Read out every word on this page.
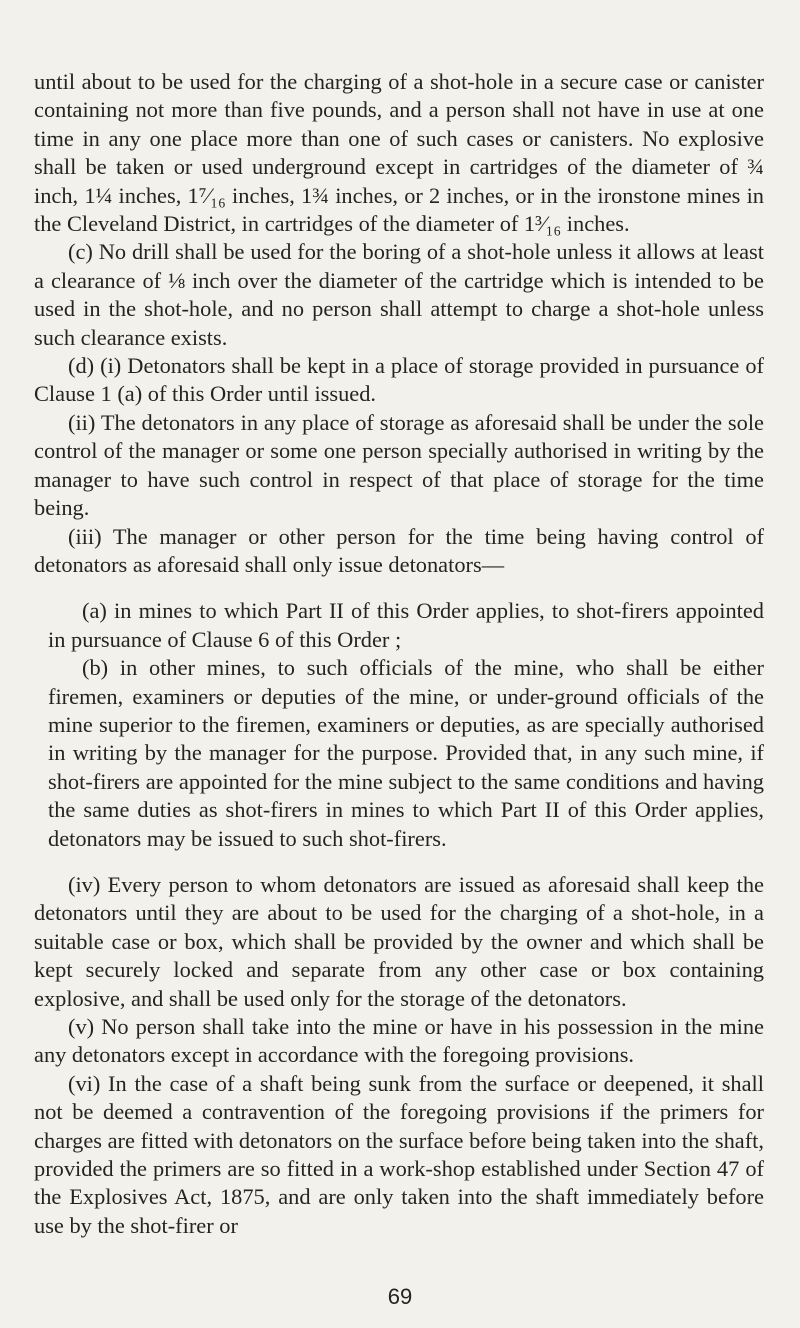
until about to be used for the charging of a shot-hole in a secure case or canister containing not more than five pounds, and a person shall not have in use at one time in any one place more than one of such cases or canisters. No explosive shall be taken or used underground except in cartridges of the diameter of ¾ inch, 1¼ inches, 1⁷⁄₁₆ inches, 1¾ inches, or 2 inches, or in the ironstone mines in the Cleveland District, in cartridges of the diameter of 1³⁄₁₆ inches.

(c) No drill shall be used for the boring of a shot-hole unless it allows at least a clearance of ⅛ inch over the diameter of the cartridge which is intended to be used in the shot-hole, and no person shall attempt to charge a shot-hole unless such clearance exists.

(d) (i) Detonators shall be kept in a place of storage provided in pursuance of Clause 1 (a) of this Order until issued.

(ii) The detonators in any place of storage as aforesaid shall be under the sole control of the manager or some one person specially authorised in writing by the manager to have such control in respect of that place of storage for the time being.

(iii) The manager or other person for the time being having control of detonators as aforesaid shall only issue detonators—

(a) in mines to which Part II of this Order applies, to shot-firers appointed in pursuance of Clause 6 of this Order ;

(b) in other mines, to such officials of the mine, who shall be either firemen, examiners or deputies of the mine, or under-ground officials of the mine superior to the firemen, examiners or deputies, as are specially authorised in writing by the manager for the purpose. Provided that, in any such mine, if shot-firers are appointed for the mine subject to the same conditions and having the same duties as shot-firers in mines to which Part II of this Order applies, detonators may be issued to such shot-firers.

(iv) Every person to whom detonators are issued as aforesaid shall keep the detonators until they are about to be used for the charging of a shot-hole, in a suitable case or box, which shall be provided by the owner and which shall be kept securely locked and separate from any other case or box containing explosive, and shall be used only for the storage of the detonators.

(v) No person shall take into the mine or have in his possession in the mine any detonators except in accordance with the foregoing provisions.

(vi) In the case of a shaft being sunk from the surface or deepened, it shall not be deemed a contravention of the foregoing provisions if the primers for charges are fitted with detonators on the surface before being taken into the shaft, provided the primers are so fitted in a work-shop established under Section 47 of the Explosives Act, 1875, and are only taken into the shaft immediately before use by the shot-firer or

69
